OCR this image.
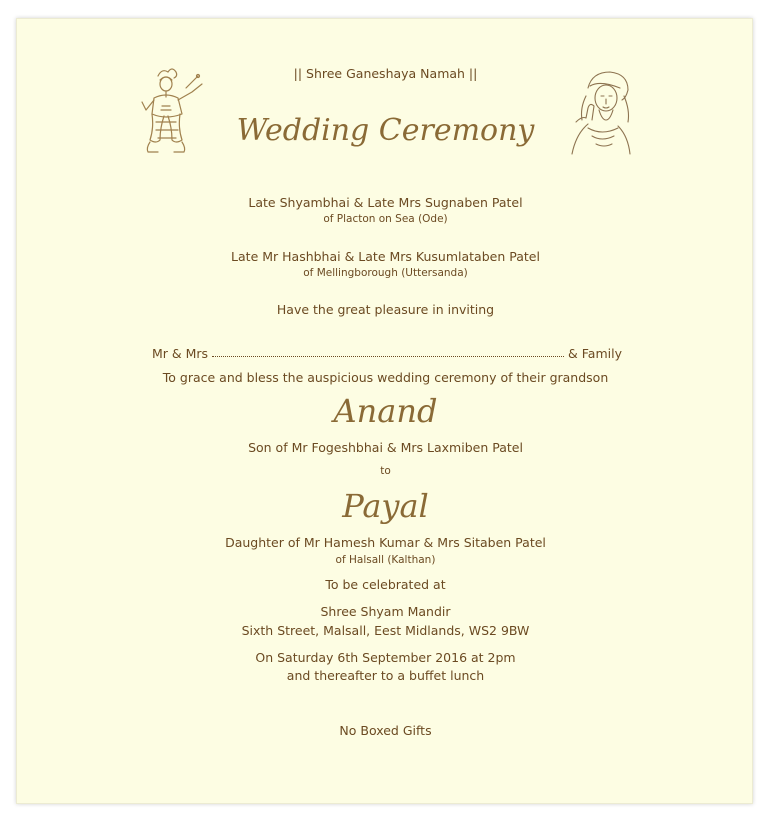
|| Shree Ganeshaya Namah ||
Wedding Ceremony
Late Shyambhai & Late Mrs Sugnaben Patel
of Placton on Sea (Ode)
Late Mr Hashbhai & Late Mrs Kusumlataben Patel
of Mellingborough (Uttersanda)
Have the great pleasure in inviting
Mr & Mrs	& Family
To grace and bless the auspicious wedding ceremony of their grandson
Anand
Son of Mr Fogeshbhai & Mrs Laxmiben Patel
to
Payal
Daughter of Mr Hamesh Kumar & Mrs Sitaben Patel
of Halsall (Kalthan)
To be celebrated at
Shree Shyam Mandir
Sixth Street, Malsall, Eest Midlands, WS2 9BW
On Saturday 6th September 2016 at 2pm
and thereafter to a buffet lunch
No Boxed Gifts
